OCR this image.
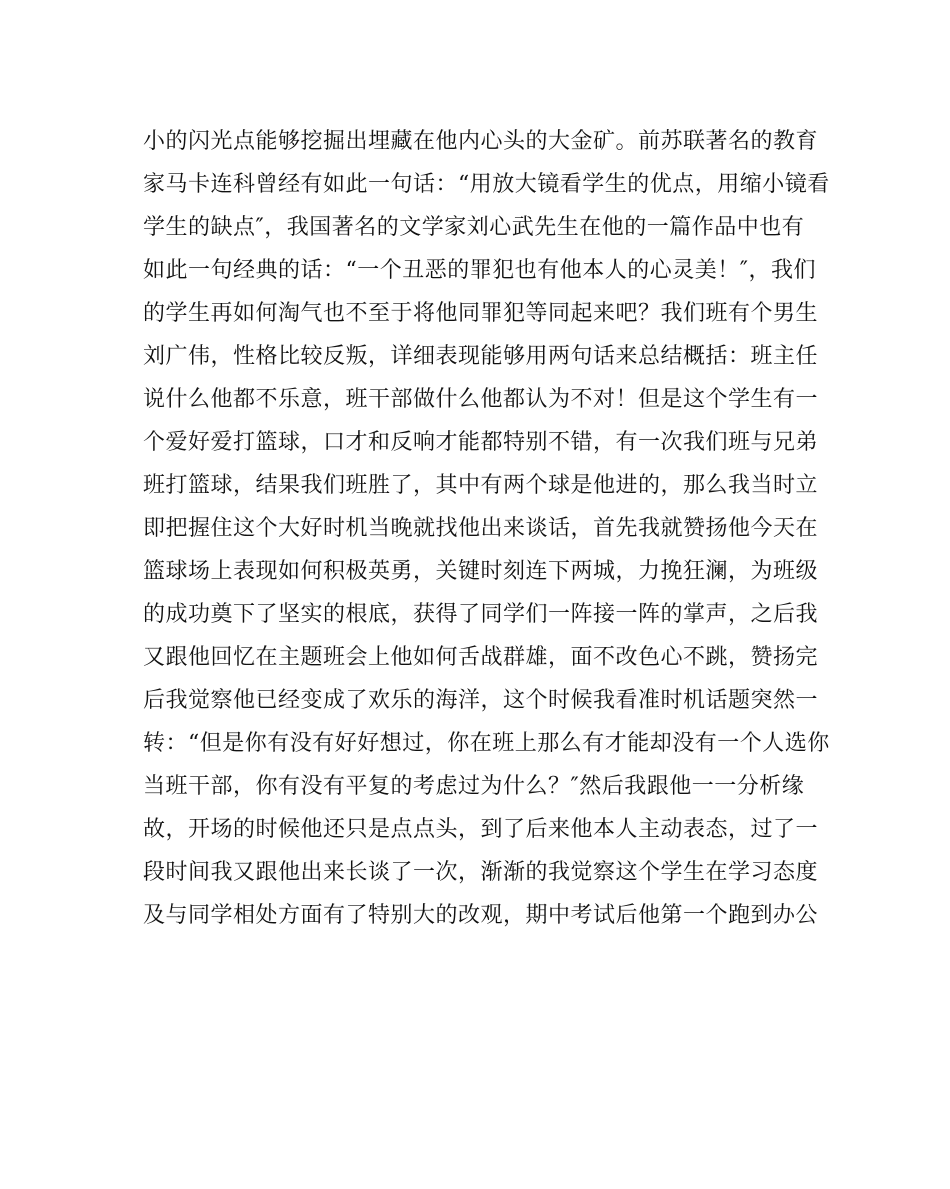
小的闪光点能够挖掘出埋藏在他内心头的大金矿。前苏联著名的教育
家马卡连科曾经有如此一句话：“用放大镜看学生的优点，用缩小镜看
学生的缺点″，我国著名的文学家刘心武先生在他的一篇作品中也有
如此一句经典的话：“一个丑恶的罪犯也有他本人的心灵美！″，我们
的学生再如何淘气也不至于将他同罪犯等同起来吧？我们班有个男生
刘广伟，性格比较反叛，详细表现能够用两句话来总结概括：班主任
说什么他都不乐意，班干部做什么他都认为不对！但是这个学生有一
个爱好爱打篮球，口才和反响才能都特别不错，有一次我们班与兄弟
班打篮球，结果我们班胜了，其中有两个球是他进的，那么我当时立
即把握住这个大好时机当晚就找他出来谈话，首先我就赞扬他今天在
篮球场上表现如何积极英勇，关键时刻连下两城，力挽狂澜，为班级
的成功奠下了坚实的根底，获得了同学们一阵接一阵的掌声，之后我
又跟他回忆在主题班会上他如何舌战群雄，面不改色心不跳，赞扬完
后我觉察他已经变成了欢乐的海洋，这个时候我看准时机话题突然一
转：“但是你有没有好好想过，你在班上那么有才能却没有一个人选你
当班干部，你有没有平复的考虑过为什么？″然后我跟他一一分析缘
故，开场的时候他还只是点点头，到了后来他本人主动表态，过了一
段时间我又跟他出来长谈了一次，渐渐的我觉察这个学生在学习态度
及与同学相处方面有了特别大的改观，期中考试后他第一个跑到办公
